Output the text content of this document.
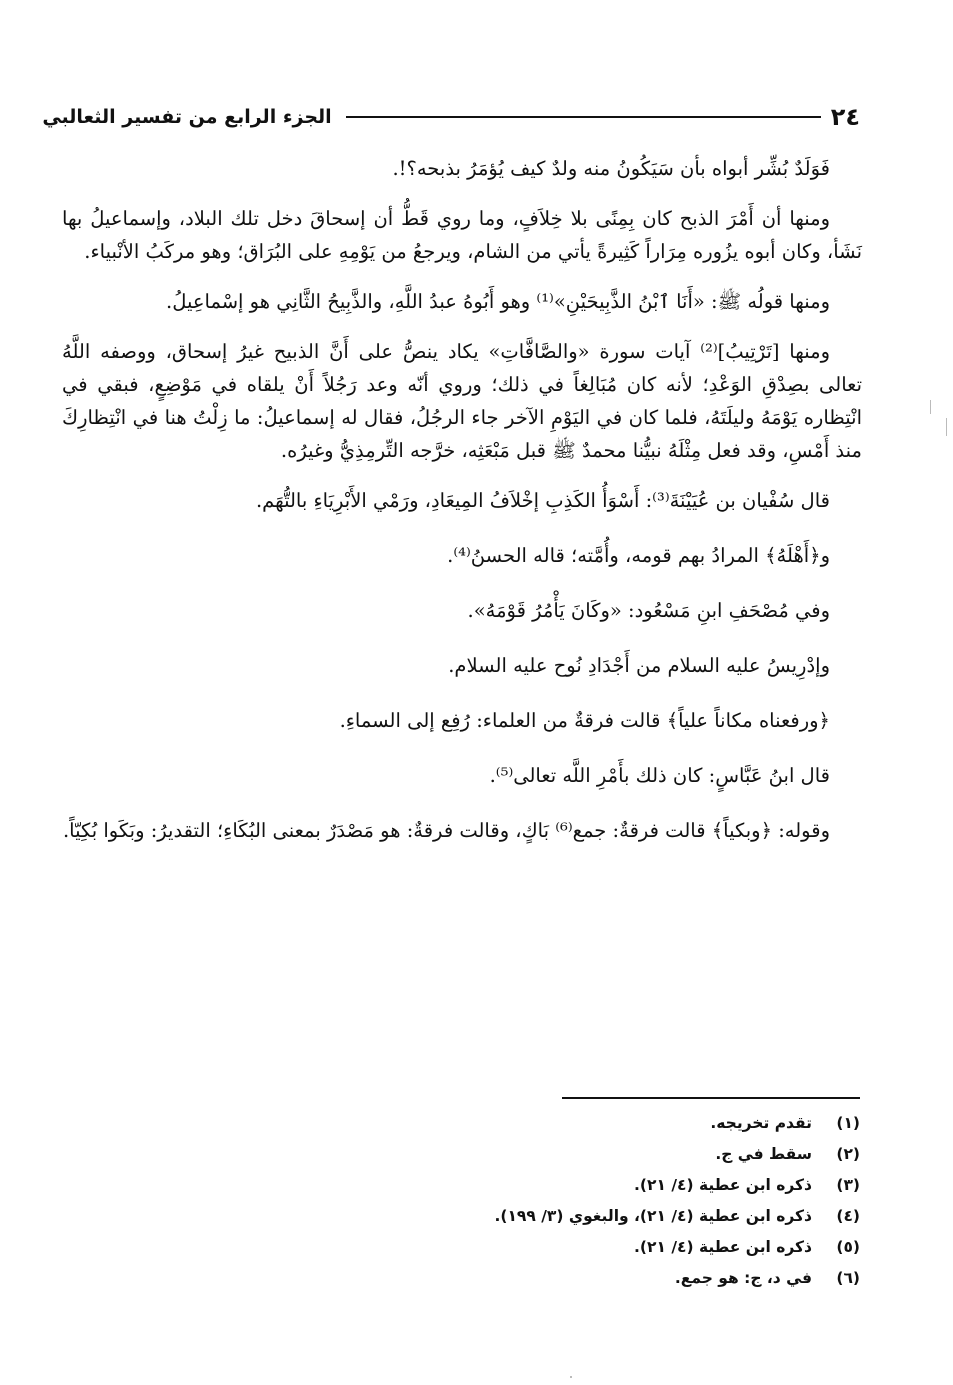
٢٤
الجزء الرابع من تفسير الثعالبي

فَوَلَدٌ بُشِّر أبواه بأن سَيَكُونُ منه ولدٌ كيف يُؤمَرُ بذبحه؟!.

ومنها أن أَمْرَ الذبح كان بِمِنًى بلا خِلاَفٍ، وما روي قَطُّ أن إسحاقَ دخل تلك البلاد، وإسماعيلُ بها نَشَأ، وكان أبوه يزُوره مِرَاراً كَثِيرةً يأتي من الشام، ويرجعُ من يَوْمِهِ على البُرَاق؛ وهو مركَبُ الأنْبياء.

ومنها قولُه ﷺ: «أَنَا ٱبْنُ الذَّبِيحَيْنِ»⁽¹⁾ وهو أَبُوهُ عبدُ اللَّهِ، والذَّبِيحُ الثَّانِي هو إسْماعِيلُ.

ومنها [تَرْتِيبُ]⁽²⁾ آيات سورة «والصَّافَّاتِ» يكاد ينصُّ على أَنَّ الذبيح غيرُ إسحاق، ووصفه اللَّهُ تعالى بصِدْقِ الوَعْدِ؛ لأنه كان مُبَالِغاً في ذلك؛ وروي أنّه وعد رَجُلاً أَنْ يلقاه في مَوْضِعٍ، فبقي في انْتِظاره يَوْمَهُ وليلَتَهُ، فلما كان في اليَوْمِ الآخر جاء الرجُلُ، فقال له إسماعيلُ: ما زِلْتُ هنا في انْتِظارِكَ منذ أَمْسِ، وقد فعل مِثْلَهُ نبيُّنا محمدٌ ﷺ قبل مَبْعَثِه، خرَّجه التِّرمِذِيُّ وغيرُه.

قال سُفْيان بن عُيَيْنَةَ⁽³⁾: أَسْوَأُ الكَذِبِ إخْلاَفُ المِيعَادِ، ورَمْي الأَبْرِيَاءِ بالتُّهَم.

و﴿أَهْلَهُ﴾ المرادُ بهم قومه، وأُمَّته؛ قاله الحسنُ⁽⁴⁾.

وفي مُصْحَفِ ابنِ مَسْعُود: «وكَانَ يَأْمُرُ قَوْمَهُ».

وإدْرِيسُ عليه السلام من أَجْدَادِ نُوح عليه السلام.

﴿ورفعناه مكاناً علياً﴾ قالت فرقةٌ من العلماء: رُفِع إلى السماءِ.

قال ابنُ عَبَّاسٍ: كان ذلك بأَمْرِ اللَّه تعالى⁽⁵⁾.

وقوله: ﴿وبكياً﴾ قالت فرقةٌ: جمع⁽⁶⁾ بَاكٍ، وقالت فرقةٌ: هو مَصْدَرٌ بمعنى البُكَاءِ؛ التقديرُ: وبَكَوا بُكِيّاً.

(١)
تقدم تخريجه.
(٢)
سقط في ج.
(٣)
ذكره ابن عطية (٤/ ٢١).
(٤)
ذكره ابن عطية (٤/ ٢١)، والبغوي (٣/ ١٩٩).
(٥)
ذكره ابن عطية (٤/ ٢١).
(٦)
في د، ج: هو جمع.
